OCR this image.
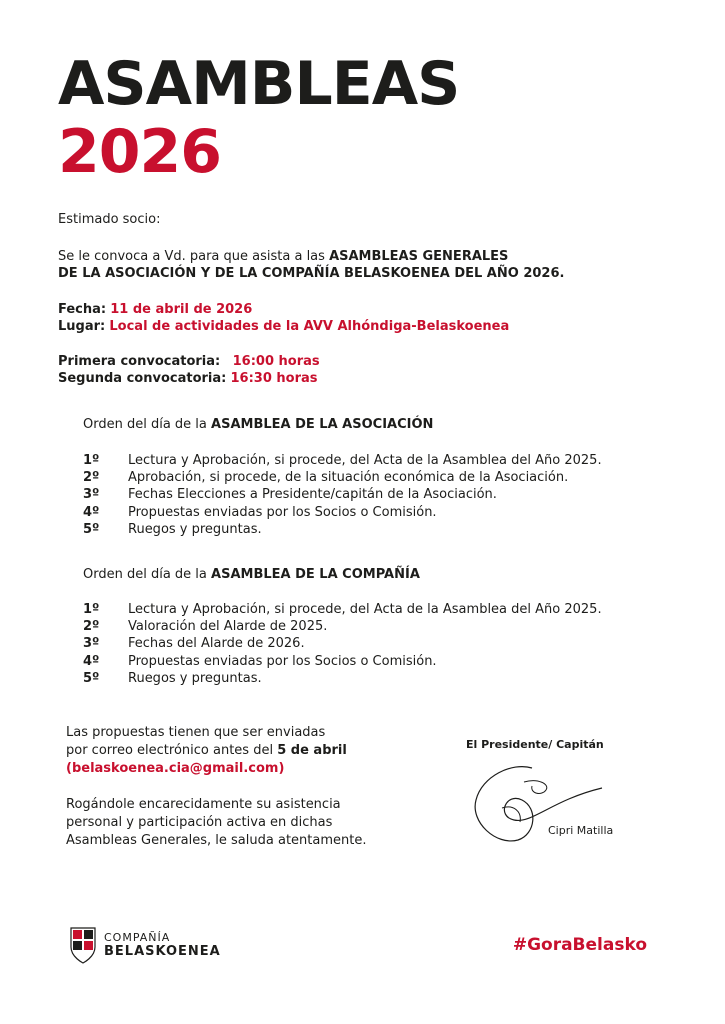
ASAMBLEAS
2026
Estimado socio:
Se le convoca a Vd. para que asista a las ASAMBLEAS GENERALES
DE LA ASOCIACIÓN Y DE LA COMPAÑÍA BELASKOENEA DEL AÑO 2026.
Fecha: 11 de abril de 2026
Lugar: Local de actividades de la AVV Alhóndiga-Belaskoenea
Primera convocatoria: 16:00 horas
Segunda convocatoria: 16:30 horas
Orden del día de la ASAMBLEA DE LA ASOCIACIÓN
1º	Lectura y Aprobación, si procede, del Acta de la Asamblea del Año 2025.
2º	Aprobación, si procede, de la situación económica de la Asociación.
3º	Fechas Elecciones a Presidente/capitán de la Asociación.
4º	Propuestas enviadas por los Socios o Comisión.
5º	Ruegos y preguntas.
Orden del día de la ASAMBLEA DE LA COMPAÑÍA
1º	Lectura y Aprobación, si procede, del Acta de la Asamblea del Año 2025.
2º	Valoración del Alarde de 2025.
3º	Fechas del Alarde de 2026.
4º	Propuestas enviadas por los Socios o Comisión.
5º	Ruegos y preguntas.
Las propuestas tienen que ser enviadas
por correo electrónico antes del 5 de abril
(belaskoenea.cia@gmail.com)
Rogándole encarecidamente su asistencia
personal y participación activa en dichas
Asambleas Generales, le saluda atentamente.
El Presidente/ Capitán
Cipri Matilla
COMPAÑÍA
BELASKOENEA	#GoraBelasko
